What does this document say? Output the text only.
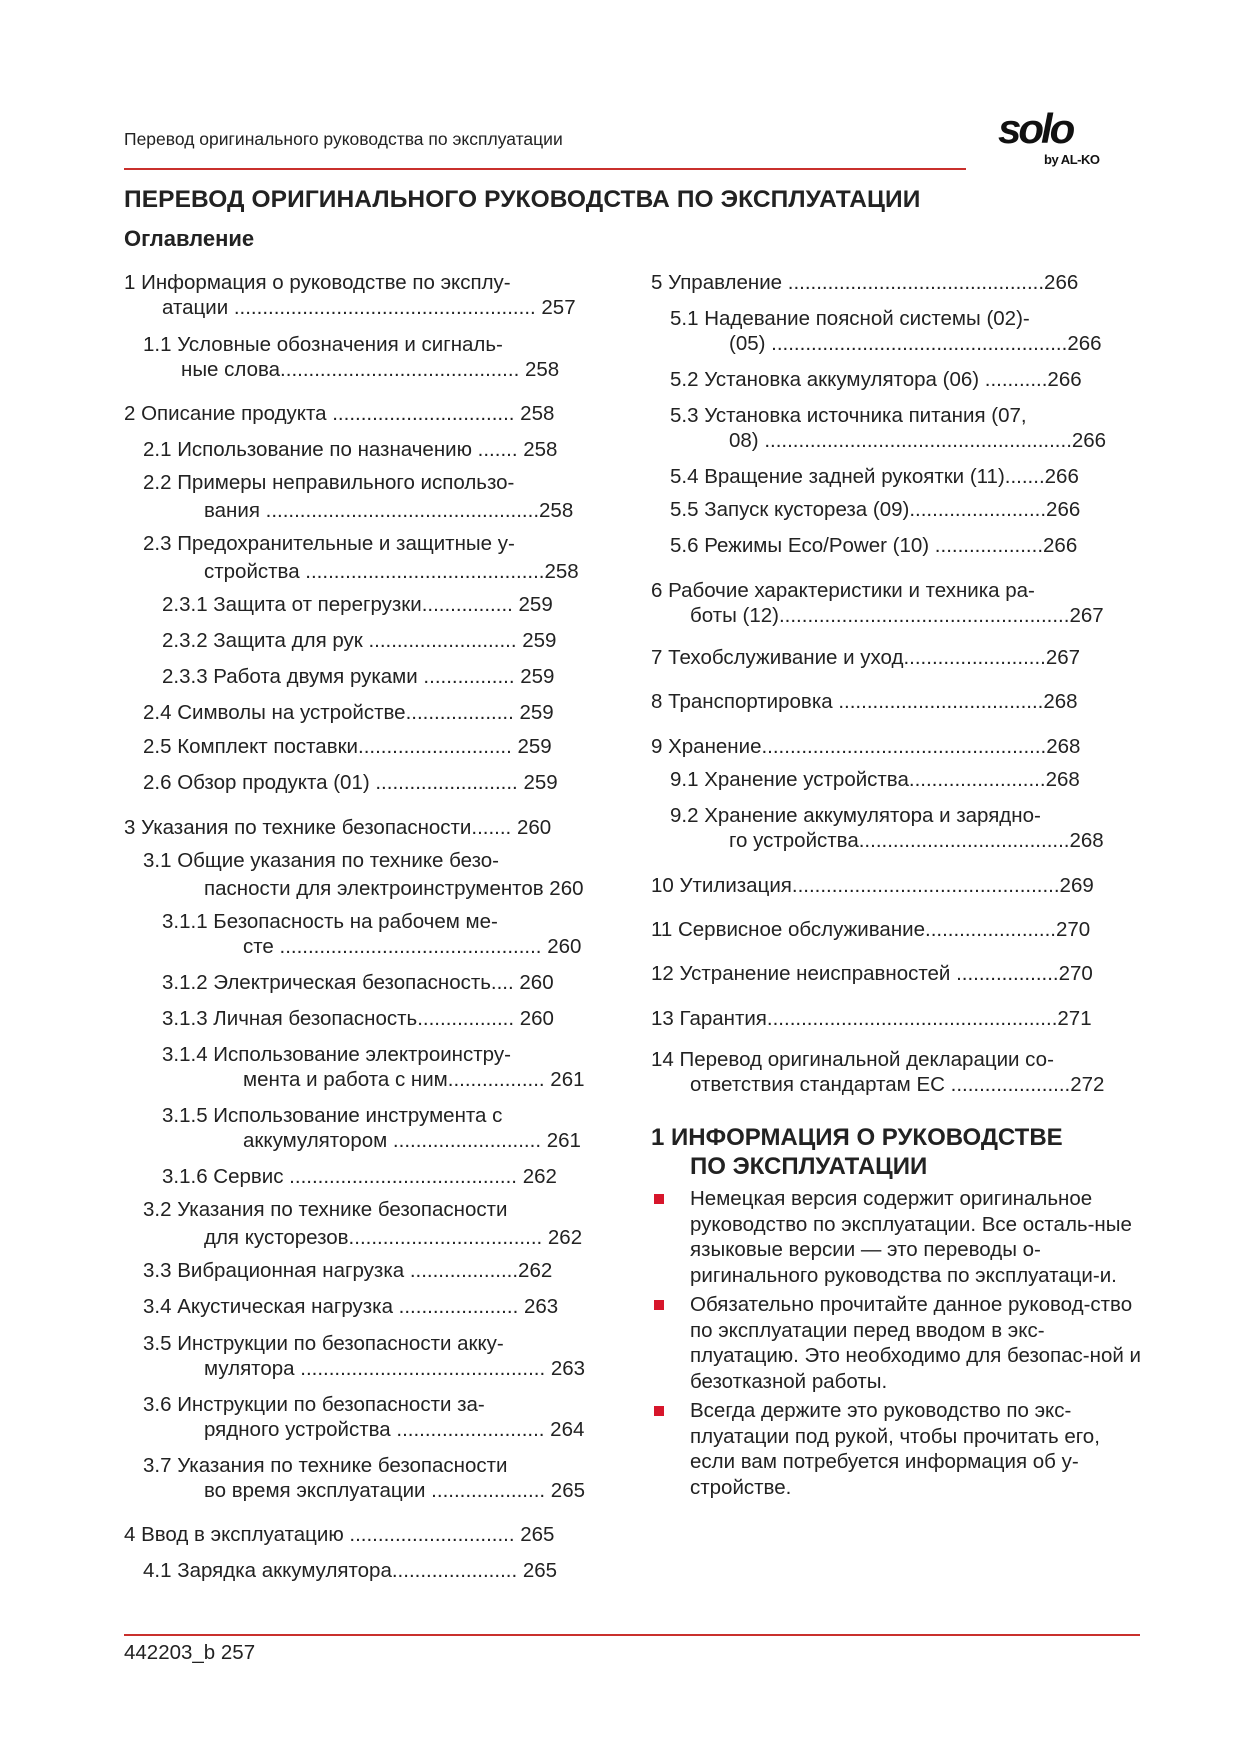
Перевод оригинального руководства по эксплуатации	solo
by AL-KO
ПЕРЕВОД ОРИГИНАЛЬНОГО РУКОВОДСТВА ПО ЭКСПЛУАТАЦИИ
Оглавление
1 Информация о руководстве по эксплу-
атации ..................................................... 257
1.1 Условные обозначения и сигналь-
ные слова.......................................... 258
2 Описание продукта ................................ 258
2.1 Использование по назначению ....... 258
2.2 Примеры неправильного использо-
вания ................................................258
2.3 Предохранительные и защитные у-
стройства ..........................................258
2.3.1 Защита от перегрузки................ 259
2.3.2 Защита для рук .......................... 259
2.3.3 Работа двумя руками ................ 259
2.4 Символы на устройстве................... 259
2.5 Комплект поставки........................... 259
2.6 Обзор продукта (01) ......................... 259
3 Указания по технике безопасности....... 260
3.1 Общие указания по технике безо-
пасности для электроинструментов 260
3.1.1 Безопасность на рабочем ме-
сте .............................................. 260
3.1.2 Электрическая безопасность.... 260
3.1.3 Личная безопасность................. 260
3.1.4 Использование электроинстру-
мента и работа с ним................. 261
3.1.5 Использование инструмента с
аккумулятором .......................... 261
3.1.6 Сервис ........................................ 262
3.2 Указания по технике безопасности
для кусторезов.................................. 262
3.3 Вибрационная нагрузка ...................262
3.4 Акустическая нагрузка ..................... 263
3.5 Инструкции по безопасности акку-
мулятора ........................................... 263
3.6 Инструкции по безопасности за-
рядного устройства .......................... 264
3.7 Указания по технике безопасности
во время эксплуатации .................... 265
4 Ввод в эксплуатацию ............................. 265
4.1 Зарядка аккумулятора...................... 265
5 Управление .............................................266
5.1 Надевание поясной системы (02)-
(05) ....................................................266
5.2 Установка аккумулятора (06) ...........266
5.3 Установка источника питания (07,
08) ......................................................266
5.4 Вращение задней рукоятки (11).......266
5.5 Запуск кустореза (09)........................266
5.6 Режимы Eco/Power (10) ...................266
6 Рабочие характеристики и техника ра-
боты (12)...................................................267
7 Техобслуживание и уход.........................267
8 Транспортировка ....................................268
9 Хранение..................................................268
9.1 Хранение устройства........................268
9.2 Хранение аккумулятора и зарядно-
го устройства.....................................268
10 Утилизация...............................................269
11 Сервисное обслуживание.......................270
12 Устранение неисправностей ..................270
13 Гарантия...................................................271
14 Перевод оригинальной декларации со-
ответствия стандартам ЕС .....................272
1 ИНФОРМАЦИЯ О РУКОВОДСТВЕ
ПО ЭКСПЛУАТАЦИИ
Немецкая версия содержит оригинальное руководство по эксплуатации. Все осталь-ные языковые версии — это переводы о-ригинального руководства по эксплуатаци-и.
Обязательно прочитайте данное руковод-ство по эксплуатации перед вводом в экс-плуатацию. Это необходимо для безопас-ной и безотказной работы.
Всегда держите это руководство по экс-плуатации под рукой, чтобы прочитать его, если вам потребуется информация об у-стройстве.
442203_b 257
